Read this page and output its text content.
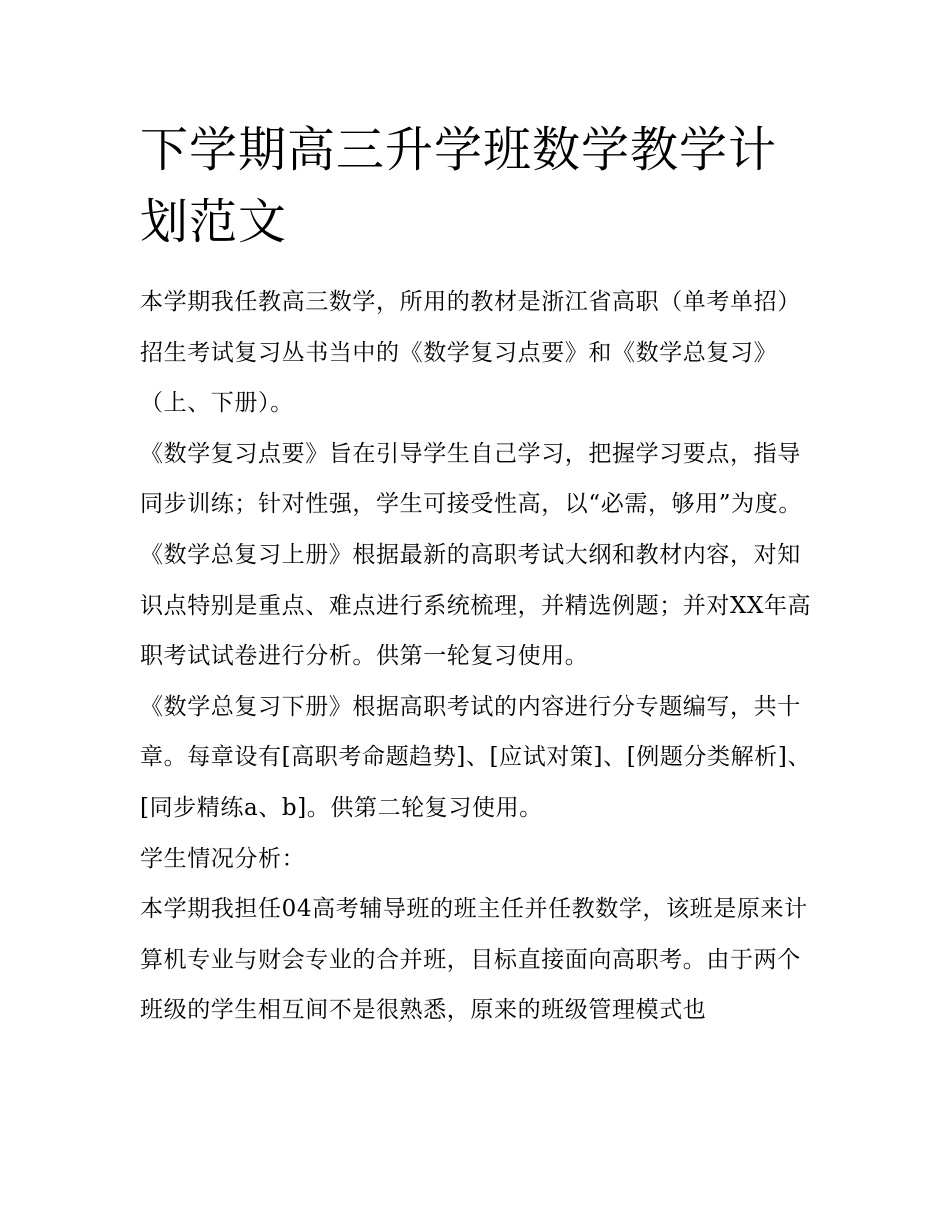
下学期高三升学班数学教学计划范文

本学期我任教高三数学，所用的教材是浙江省高职（单考单招）招生考试复习丛书当中的《数学复习点要》和《数学总复习》（上、下册）。

《数学复习点要》旨在引导学生自己学习，把握学习要点，指导同步训练；针对性强，学生可接受性高，以“必需，够用”为度。

《数学总复习上册》根据最新的高职考试大纲和教材内容，对知识点特别是重点、难点进行系统梳理，并精选例题；并对XX年高职考试试卷进行分析。供第一轮复习使用。

《数学总复习下册》根据高职考试的内容进行分专题编写，共十章。每章设有[高职考命题趋势]、[应试对策]、[例题分类解析]、[同步精练a、b]。供第二轮复习使用。

学生情况分析：

本学期我担任04高考辅导班的班主任并任教数学，该班是原来计算机专业与财会专业的合并班，目标直接面向高职考。由于两个班级的学生相互间不是很熟悉，原来的班级管理模式也
